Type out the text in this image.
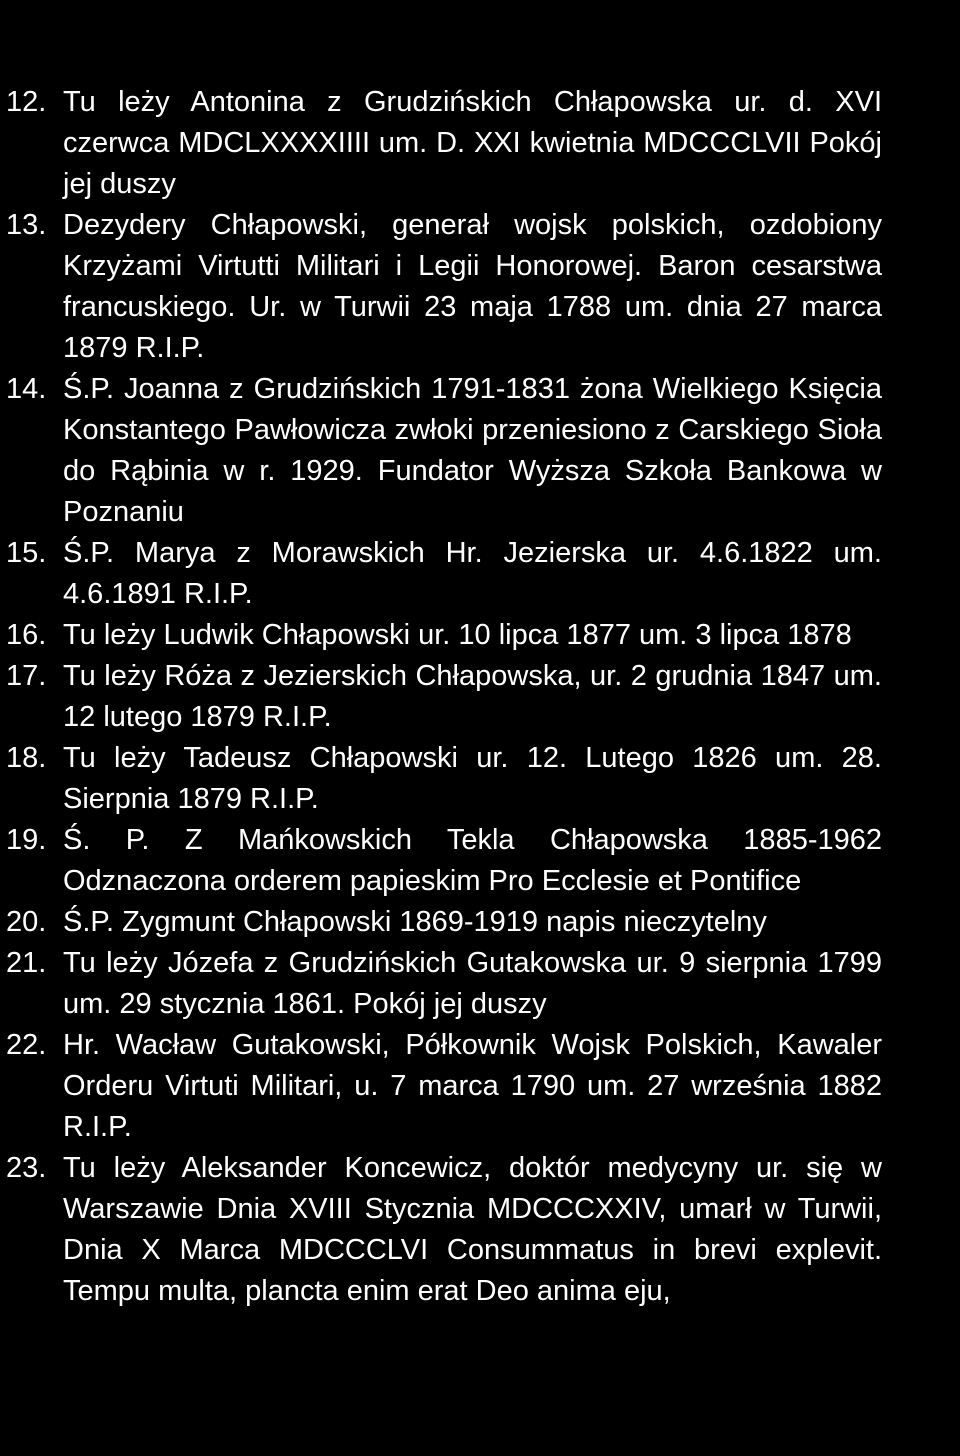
12. Tu leży Antonina z Grudzińskich Chłapowska ur. d. XVI czerwca MDCLXXXXIIII um. D. XXI kwietnia MDCCCLVII Pokój jej duszy
13. Dezydery Chłapowski, generał wojsk polskich, ozdobiony Krzyżami Virtutti Militari i Legii Honorowej. Baron cesarstwa francuskiego. Ur. w Turwii 23 maja 1788 um. dnia 27 marca 1879 R.I.P.
14. Ś.P. Joanna z Grudzińskich 1791-1831 żona Wielkiego Księcia Konstantego Pawłowicza zwłoki przeniesiono z Carskiego Sioła do Rąbinia w r. 1929. Fundator Wyższa Szkoła Bankowa w Poznaniu
15. Ś.P. Marya z Morawskich Hr. Jezierska ur. 4.6.1822 um. 4.6.1891 R.I.P.
16. Tu leży Ludwik Chłapowski ur. 10 lipca 1877 um. 3 lipca 1878
17. Tu leży Róża z Jezierskich Chłapowska, ur. 2 grudnia 1847 um. 12 lutego 1879 R.I.P.
18. Tu leży Tadeusz Chłapowski ur. 12. Lutego 1826 um. 28. Sierpnia 1879 R.I.P.
19. Ś. P. Z Mańkowskich Tekla Chłapowska 1885-1962 Odznaczona orderem papieskim Pro Ecclesie et Pontifice
20. Ś.P. Zygmunt Chłapowski 1869-1919 napis nieczytelny
21. Tu leży Józefa z Grudzińskich Gutakowska ur. 9 sierpnia 1799 um. 29 stycznia 1861. Pokój jej duszy
22. Hr. Wacław Gutakowski, Półkownik Wojsk Polskich, Kawaler Orderu Virtuti Militari, u. 7 marca 1790 um. 27 września 1882 R.I.P.
23. Tu leży Aleksander Koncewicz, doktór medycyny ur. się w Warszawie Dnia XVIII Stycznia MDCCCXXIV, umarł w Turwii, Dnia X Marca MDCCCLVI Consummatus in brevi explevit. Tempu multa, plancta enim erat Deo anima eju,
